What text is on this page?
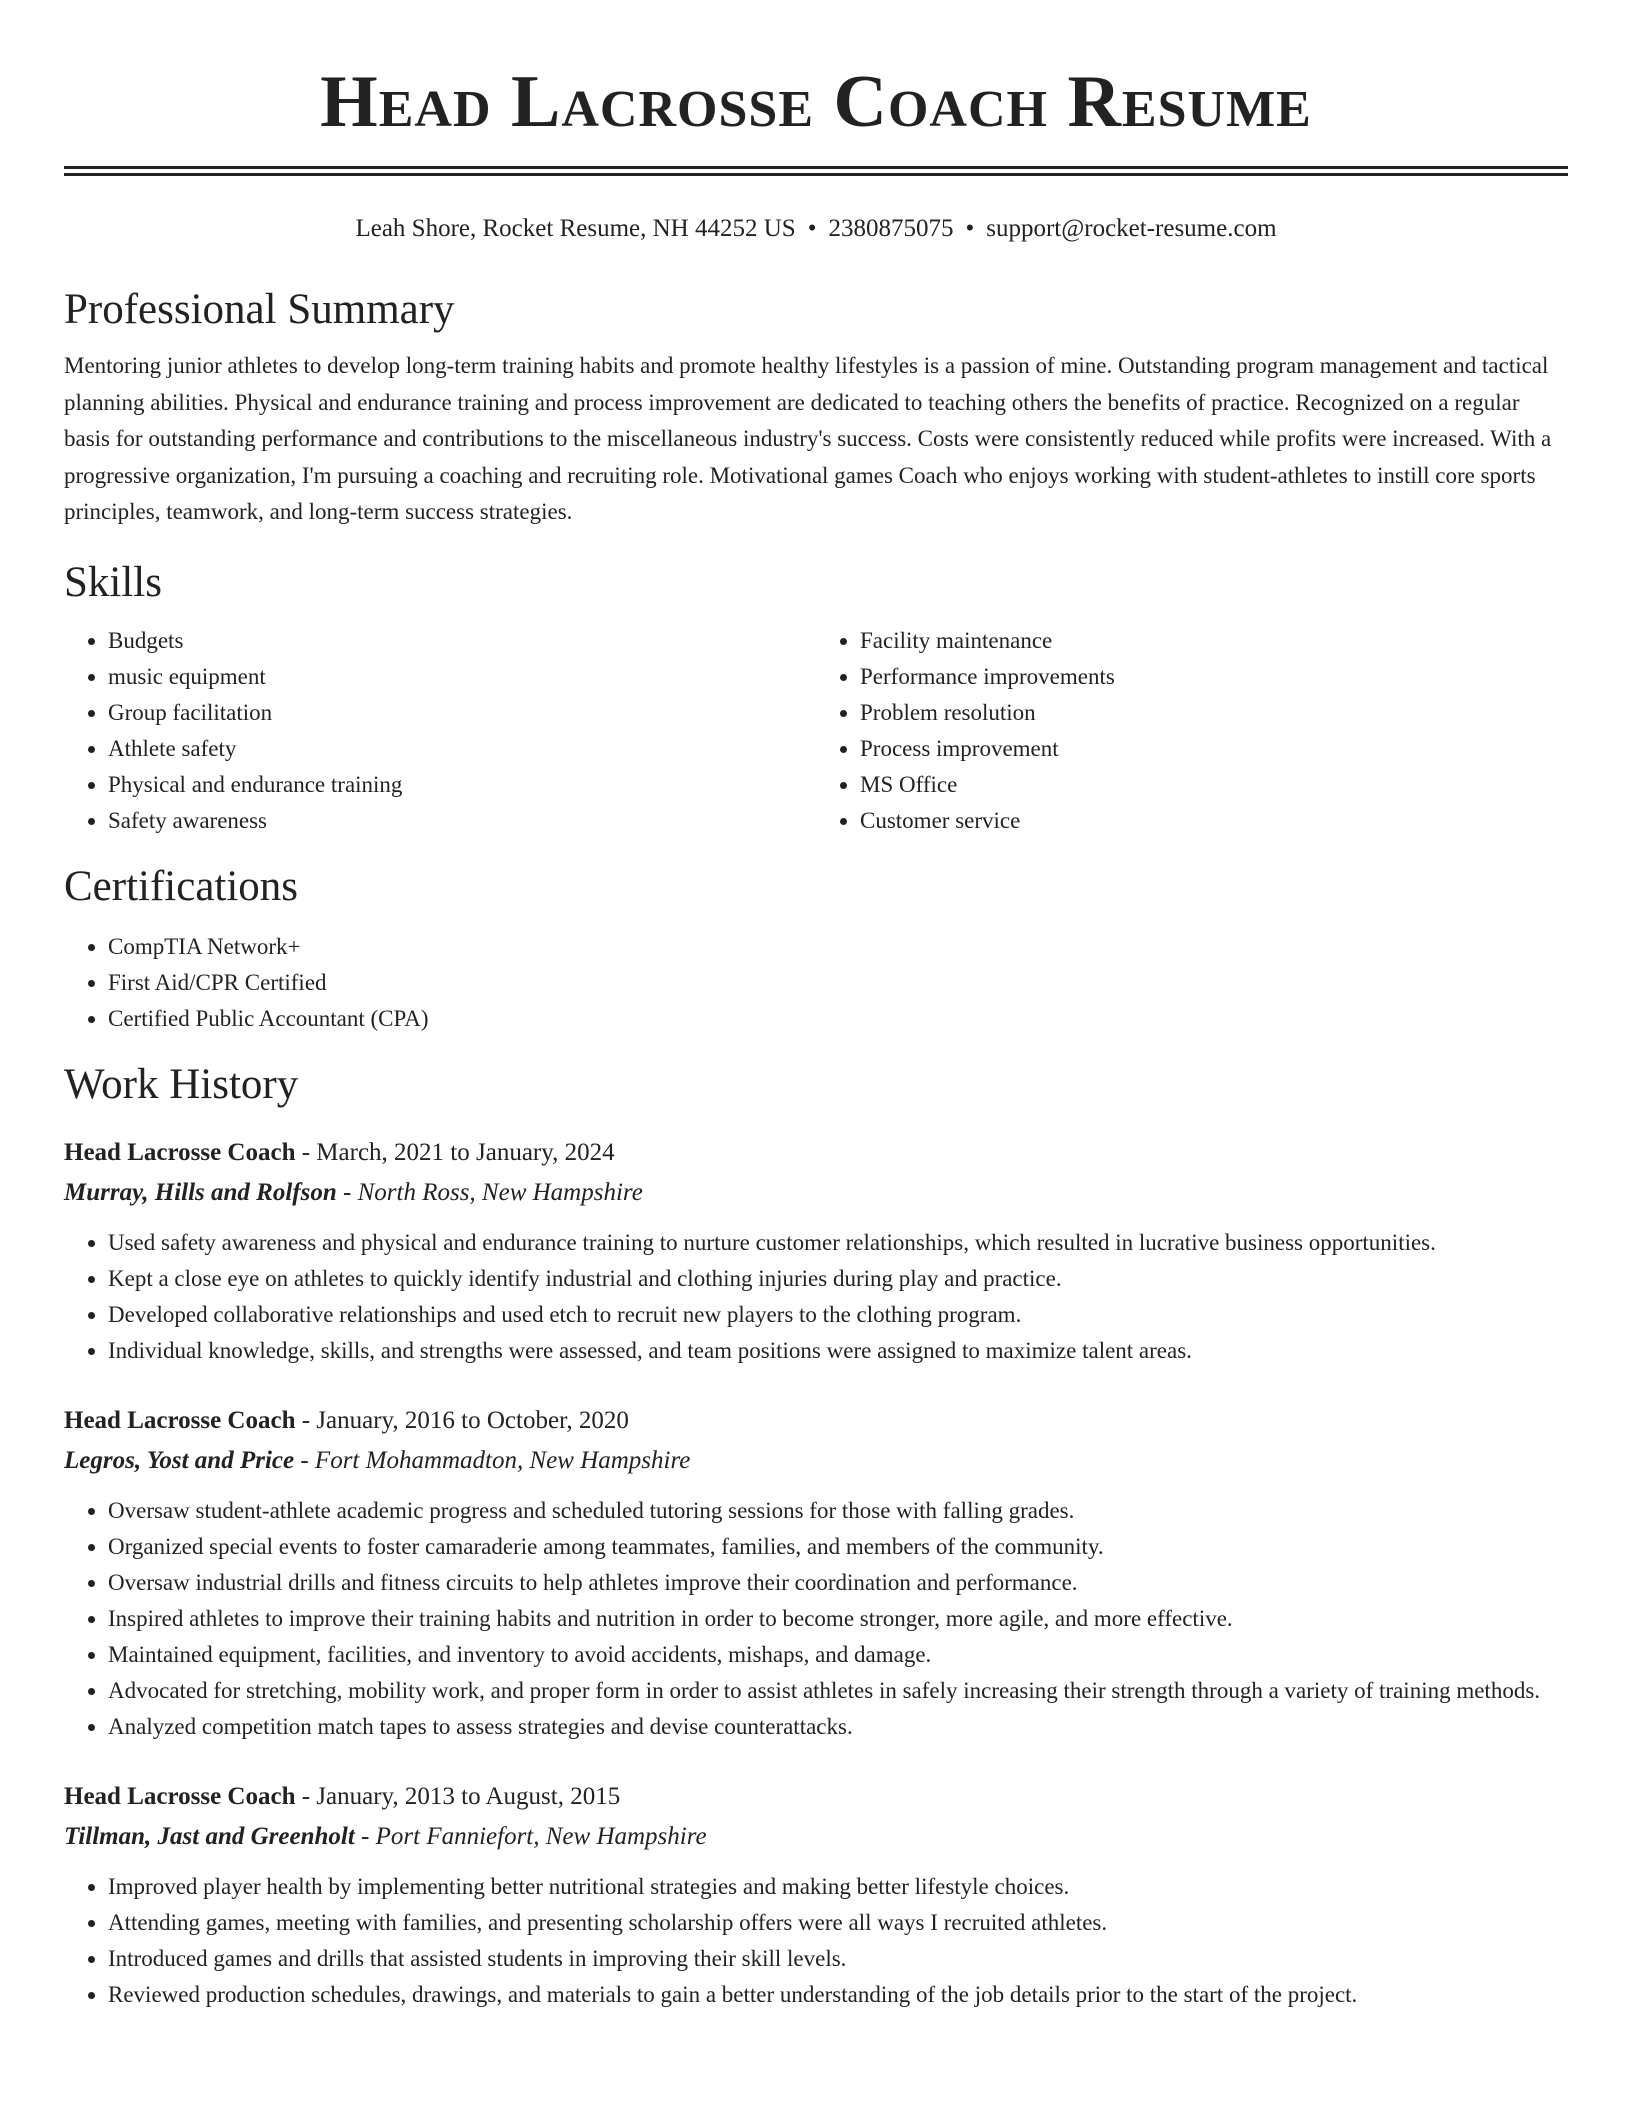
Head Lacrosse Coach Resume
Leah Shore, Rocket Resume, NH 44252 US • 2380875075 • support@rocket-resume.com
Professional Summary
Mentoring junior athletes to develop long-term training habits and promote healthy lifestyles is a passion of mine. Outstanding program management and tactical planning abilities. Physical and endurance training and process improvement are dedicated to teaching others the benefits of practice. Recognized on a regular basis for outstanding performance and contributions to the miscellaneous industry's success. Costs were consistently reduced while profits were increased. With a progressive organization, I'm pursuing a coaching and recruiting role. Motivational games Coach who enjoys working with student-athletes to instill core sports principles, teamwork, and long-term success strategies.
Skills
• Budgets
• music equipment
• Group facilitation
• Athlete safety
• Physical and endurance training
• Safety awareness
• Facility maintenance
• Performance improvements
• Problem resolution
• Process improvement
• MS Office
• Customer service
Certifications
• CompTIA Network+
• First Aid/CPR Certified
• Certified Public Accountant (CPA)
Work History
Head Lacrosse Coach - March, 2021 to January, 2024
Murray, Hills and Rolfson - North Ross, New Hampshire
• Used safety awareness and physical and endurance training to nurture customer relationships, which resulted in lucrative business opportunities.
• Kept a close eye on athletes to quickly identify industrial and clothing injuries during play and practice.
• Developed collaborative relationships and used etch to recruit new players to the clothing program.
• Individual knowledge, skills, and strengths were assessed, and team positions were assigned to maximize talent areas.
Head Lacrosse Coach - January, 2016 to October, 2020
Legros, Yost and Price - Fort Mohammadton, New Hampshire
• Oversaw student-athlete academic progress and scheduled tutoring sessions for those with falling grades.
• Organized special events to foster camaraderie among teammates, families, and members of the community.
• Oversaw industrial drills and fitness circuits to help athletes improve their coordination and performance.
• Inspired athletes to improve their training habits and nutrition in order to become stronger, more agile, and more effective.
• Maintained equipment, facilities, and inventory to avoid accidents, mishaps, and damage.
• Advocated for stretching, mobility work, and proper form in order to assist athletes in safely increasing their strength through a variety of training methods.
• Analyzed competition match tapes to assess strategies and devise counterattacks.
Head Lacrosse Coach - January, 2013 to August, 2015
Tillman, Jast and Greenholt - Port Fanniefort, New Hampshire
• Improved player health by implementing better nutritional strategies and making better lifestyle choices.
• Attending games, meeting with families, and presenting scholarship offers were all ways I recruited athletes.
• Introduced games and drills that assisted students in improving their skill levels.
• Reviewed production schedules, drawings, and materials to gain a better understanding of the job details prior to the start of the project.
